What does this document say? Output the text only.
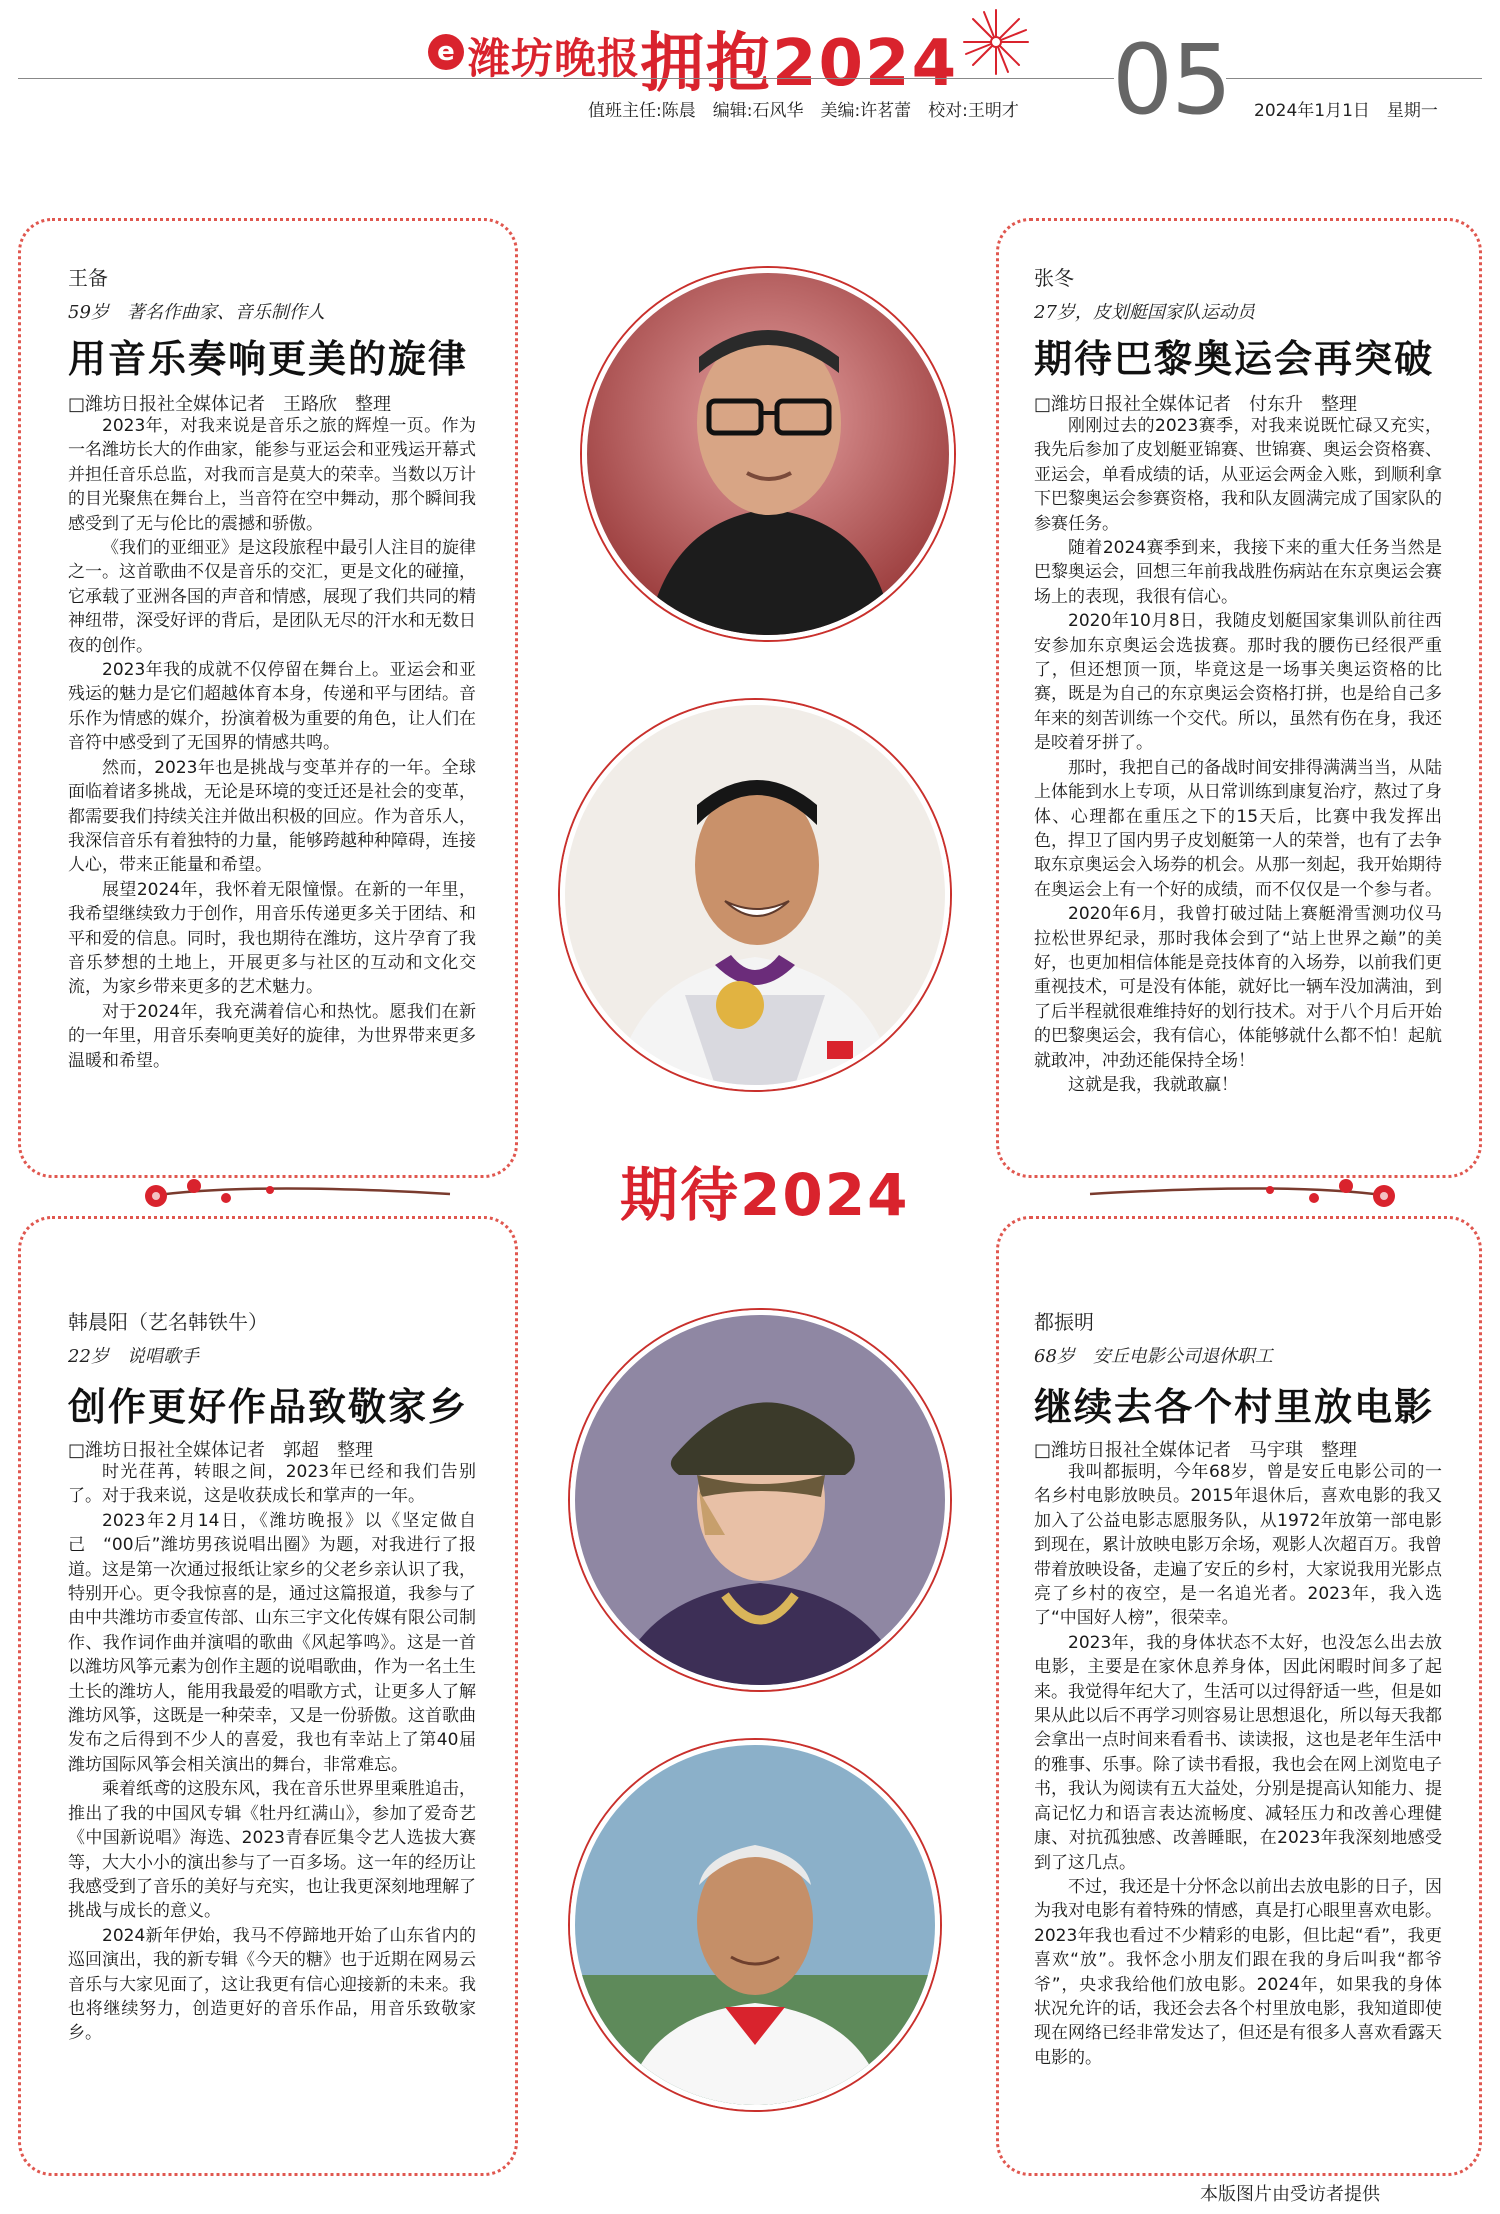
e 潍坊晚报 拥抱2024 05
值班主任:陈晨　编辑:石风华　美编:许茗蕾　校对:王明才	2024年1月1日　星期一
王备
59岁　著名作曲家、音乐制作人
用音乐奏响更美的旋律
□潍坊日报社全媒体记者　王路欣　整理

2023年，对我来说是音乐之旅的辉煌一页。作为一名潍坊长大的作曲家，能参与亚运会和亚残运开幕式并担任音乐总监，对我而言是莫大的荣幸。当数以万计的目光聚焦在舞台上，当音符在空中舞动，那个瞬间我感受到了无与伦比的震撼和骄傲。

《我们的亚细亚》是这段旅程中最引人注目的旋律之一。这首歌曲不仅是音乐的交汇，更是文化的碰撞，它承载了亚洲各国的声音和情感，展现了我们共同的精神纽带，深受好评的背后，是团队无尽的汗水和无数日夜的创作。

2023年我的成就不仅停留在舞台上。亚运会和亚残运的魅力是它们超越体育本身，传递和平与团结。音乐作为情感的媒介，扮演着极为重要的角色，让人们在音符中感受到了无国界的情感共鸣。

然而，2023年也是挑战与变革并存的一年。全球面临着诸多挑战，无论是环境的变迁还是社会的变革，都需要我们持续关注并做出积极的回应。作为音乐人，我深信音乐有着独特的力量，能够跨越种种障碍，连接人心，带来正能量和希望。

展望2024年，我怀着无限憧憬。在新的一年里，我希望继续致力于创作，用音乐传递更多关于团结、和平和爱的信息。同时，我也期待在潍坊，这片孕育了我音乐梦想的土地上，开展更多与社区的互动和文化交流，为家乡带来更多的艺术魅力。

对于2024年，我充满着信心和热忱。愿我们在新的一年里，用音乐奏响更美好的旋律，为世界带来更多温暖和希望。

张冬
27岁，皮划艇国家队运动员
期待巴黎奥运会再突破
□潍坊日报社全媒体记者　付东升　整理

刚刚过去的2023赛季，对我来说既忙碌又充实，我先后参加了皮划艇亚锦赛、世锦赛、奥运会资格赛、亚运会，单看成绩的话，从亚运会两金入账，到顺利拿下巴黎奥运会参赛资格，我和队友圆满完成了国家队的参赛任务。

随着2024赛季到来，我接下来的重大任务当然是巴黎奥运会，回想三年前我战胜伤病站在东京奥运会赛场上的表现，我很有信心。

2020年10月8日，我随皮划艇国家集训队前往西安参加东京奥运会选拔赛。那时我的腰伤已经很严重了，但还想顶一顶，毕竟这是一场事关奥运资格的比赛，既是为自己的东京奥运会资格打拼，也是给自己多年来的刻苦训练一个交代。所以，虽然有伤在身，我还是咬着牙拼了。

那时，我把自己的备战时间安排得满满当当，从陆上体能到水上专项，从日常训练到康复治疗，熬过了身体、心理都在重压之下的15天后，比赛中我发挥出色，捍卫了国内男子皮划艇第一人的荣誉，也有了去争取东京奥运会入场券的机会。从那一刻起，我开始期待在奥运会上有一个好的成绩，而不仅仅是一个参与者。

2020年6月，我曾打破过陆上赛艇滑雪测功仪马拉松世界纪录，那时我体会到了“站上世界之巅”的美好，也更加相信体能是竞技体育的入场券，以前我们更重视技术，可是没有体能，就好比一辆车没加满油，到了后半程就很难维持好的划行技术。对于八个月后开始的巴黎奥运会，我有信心，体能够就什么都不怕！起航就敢冲，冲劲还能保持全场！

这就是我，我就敢赢！

期待2024
韩晨阳（艺名韩铁牛）
22岁　说唱歌手
创作更好作品致敬家乡
□潍坊日报社全媒体记者　郭超　整理

时光荏苒，转眼之间，2023年已经和我们告别了。对于我来说，这是收获成长和掌声的一年。

2023年2月14日，《潍坊晚报》以《坚定做自己　“00后”潍坊男孩说唱出圈》为题，对我进行了报道。这是第一次通过报纸让家乡的父老乡亲认识了我，特别开心。更令我惊喜的是，通过这篇报道，我参与了由中共潍坊市委宣传部、山东三宇文化传媒有限公司制作、我作词作曲并演唱的歌曲《风起筝鸣》。这是一首以潍坊风筝元素为创作主题的说唱歌曲，作为一名土生土长的潍坊人，能用我最爱的唱歌方式，让更多人了解潍坊风筝，这既是一种荣幸，又是一份骄傲。这首歌曲发布之后得到不少人的喜爱，我也有幸站上了第40届潍坊国际风筝会相关演出的舞台，非常难忘。

乘着纸鸢的这股东风，我在音乐世界里乘胜追击，推出了我的中国风专辑《牡丹红满山》，参加了爱奇艺《中国新说唱》海选、2023青春匠集令艺人选拔大赛等，大大小小的演出参与了一百多场。这一年的经历让我感受到了音乐的美好与充实，也让我更深刻地理解了挑战与成长的意义。

2024新年伊始，我马不停蹄地开始了山东省内的巡回演出，我的新专辑《今天的糖》也于近期在网易云音乐与大家见面了，这让我更有信心迎接新的未来。我也将继续努力，创造更好的音乐作品，用音乐致敬家乡。

都振明
68岁　安丘电影公司退休职工
继续去各个村里放电影
□潍坊日报社全媒体记者　马宇琪　整理

我叫都振明，今年68岁，曾是安丘电影公司的一名乡村电影放映员。2015年退休后，喜欢电影的我又加入了公益电影志愿服务队，从1972年放第一部电影到现在，累计放映电影万余场，观影人次超百万。我曾带着放映设备，走遍了安丘的乡村，大家说我用光影点亮了乡村的夜空，是一名追光者。2023年，我入选了“中国好人榜”，很荣幸。

2023年，我的身体状态不太好，也没怎么出去放电影，主要是在家休息养身体，因此闲暇时间多了起来。我觉得年纪大了，生活可以过得舒适一些，但是如果从此以后不再学习则容易让思想退化，所以每天我都会拿出一点时间来看看书、读读报，这也是老年生活中的雅事、乐事。除了读书看报，我也会在网上浏览电子书，我认为阅读有五大益处，分别是提高认知能力、提高记忆力和语言表达流畅度、减轻压力和改善心理健康、对抗孤独感、改善睡眠，在2023年我深刻地感受到了这几点。

不过，我还是十分怀念以前出去放电影的日子，因为我对电影有着特殊的情感，真是打心眼里喜欢电影。2023年我也看过不少精彩的电影，但比起“看”，我更喜欢“放”。我怀念小朋友们跟在我的身后叫我“都爷爷”，央求我给他们放电影。2024年，如果我的身体状况允许的话，我还会去各个村里放电影，我知道即使现在网络已经非常发达了，但还是有很多人喜欢看露天电影的。

本版图片由受访者提供
